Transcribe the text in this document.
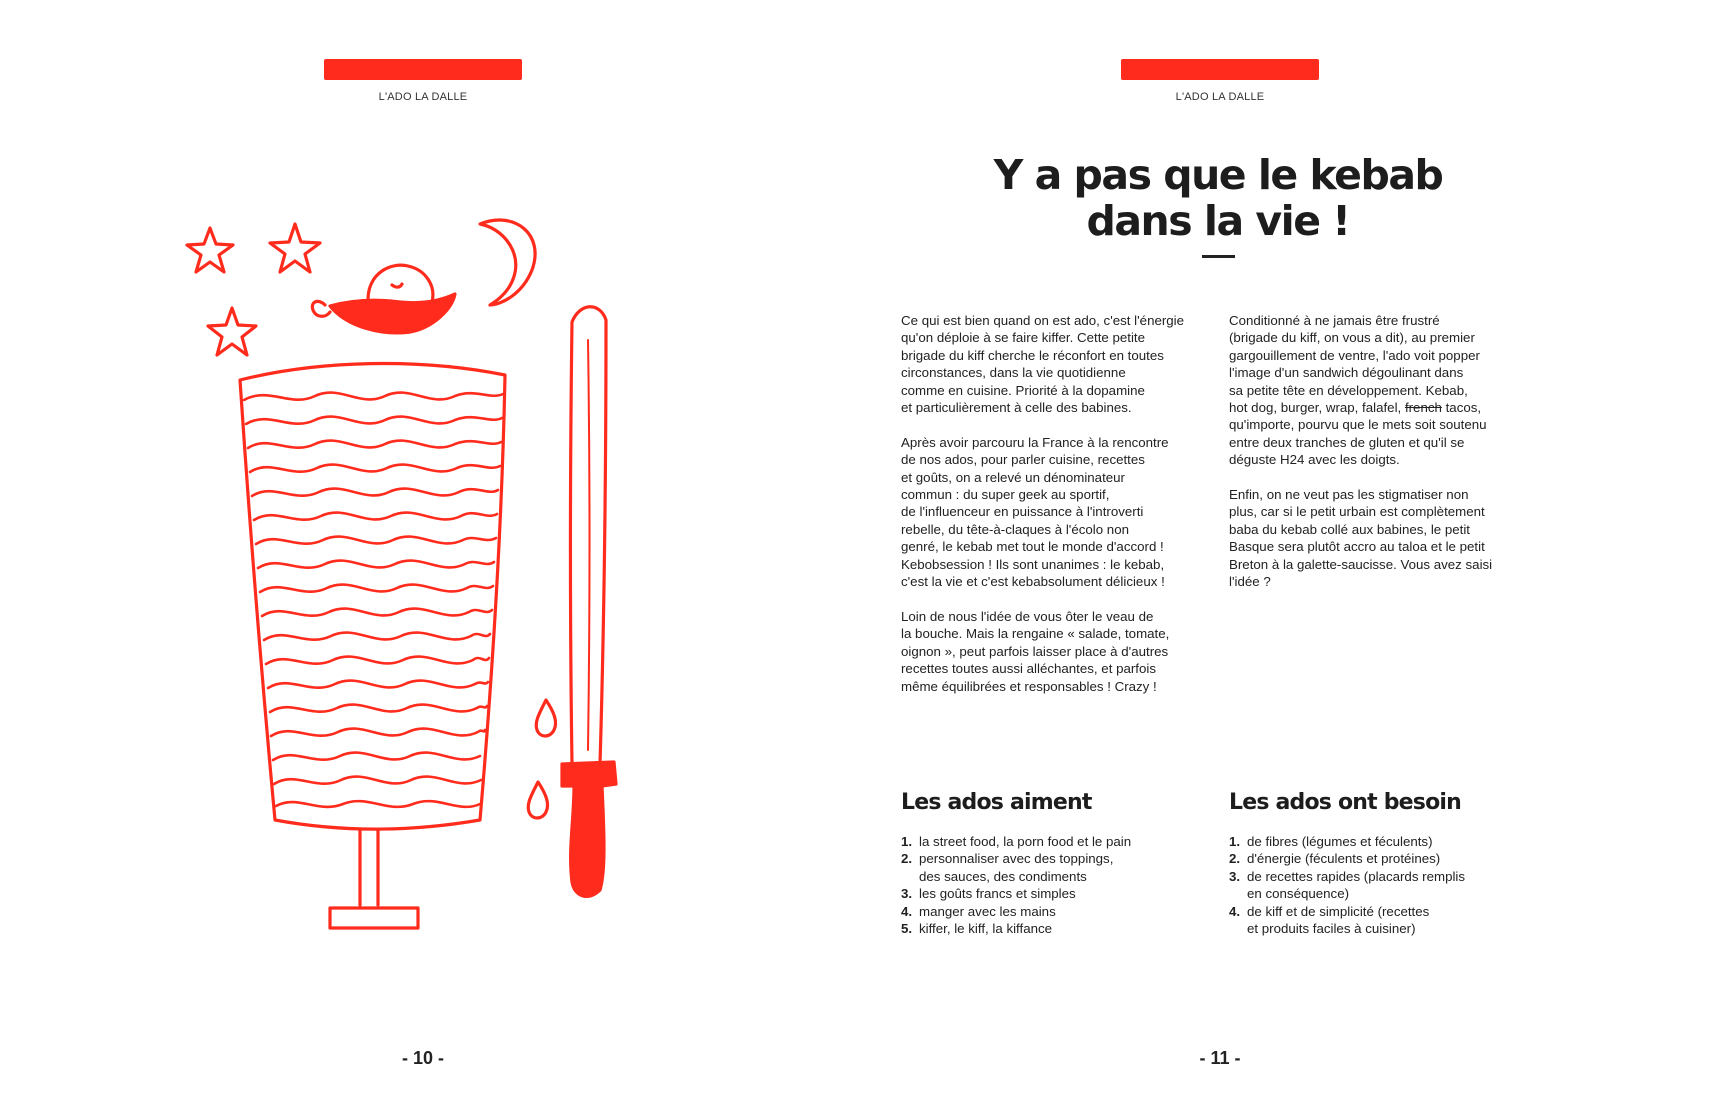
L'ADO LA DALLE
- 10 -
L'ADO LA DALLE
Y a pas que le kebab
dans la vie !

Ce qui est bien quand on est ado, c'est l'énergie
qu'on déploie à se faire kiffer. Cette petite
brigade du kiff cherche le réconfort en toutes
circonstances, dans la vie quotidienne
comme en cuisine. Priorité à la dopamine
et particulièrement à celle des babines.

Après avoir parcouru la France à la rencontre
de nos ados, pour parler cuisine, recettes
et goûts, on a relevé un dénominateur
commun : du super geek au sportif,
de l'influenceur en puissance à l'introverti
rebelle, du tête-à-claques à l'écolo non
genré, le kebab met tout le monde d'accord !
Kebobsession ! Ils sont unanimes : le kebab,
c'est la vie et c'est kebabsolument délicieux !

Loin de nous l'idée de vous ôter le veau de
la bouche. Mais la rengaine « salade, tomate,
oignon », peut parfois laisser place à d'autres
recettes toutes aussi alléchantes, et parfois
même équilibrées et responsables ! Crazy !

Conditionné à ne jamais être frustré
(brigade du kiff, on vous a dit), au premier
gargouillement de ventre, l'ado voit popper
l'image d'un sandwich dégoulinant dans
sa petite tête en développement. Kebab,
hot dog, burger, wrap, falafel, french tacos,
qu'importe, pourvu que le mets soit soutenu
entre deux tranches de gluten et qu'il se
déguste H24 avec les doigts.

Enfin, on ne veut pas les stigmatiser non
plus, car si le petit urbain est complètement
baba du kebab collé aux babines, le petit
Basque sera plutôt accro au taloa et le petit
Breton à la galette-saucisse. Vous avez saisi
l'idée ?

Les ados aiment
1. la street food, la porn food et le pain
2. personnaliser avec des toppings,
des sauces, des condiments
3. les goûts francs et simples
4. manger avec les mains
5. kiffer, le kiff, la kiffance
Les ados ont besoin
1. de fibres (légumes et féculents)
2. d'énergie (féculents et protéines)
3. de recettes rapides (placards remplis
en conséquence)
4. de kiff et de simplicité (recettes
et produits faciles à cuisiner)
- 11 -
